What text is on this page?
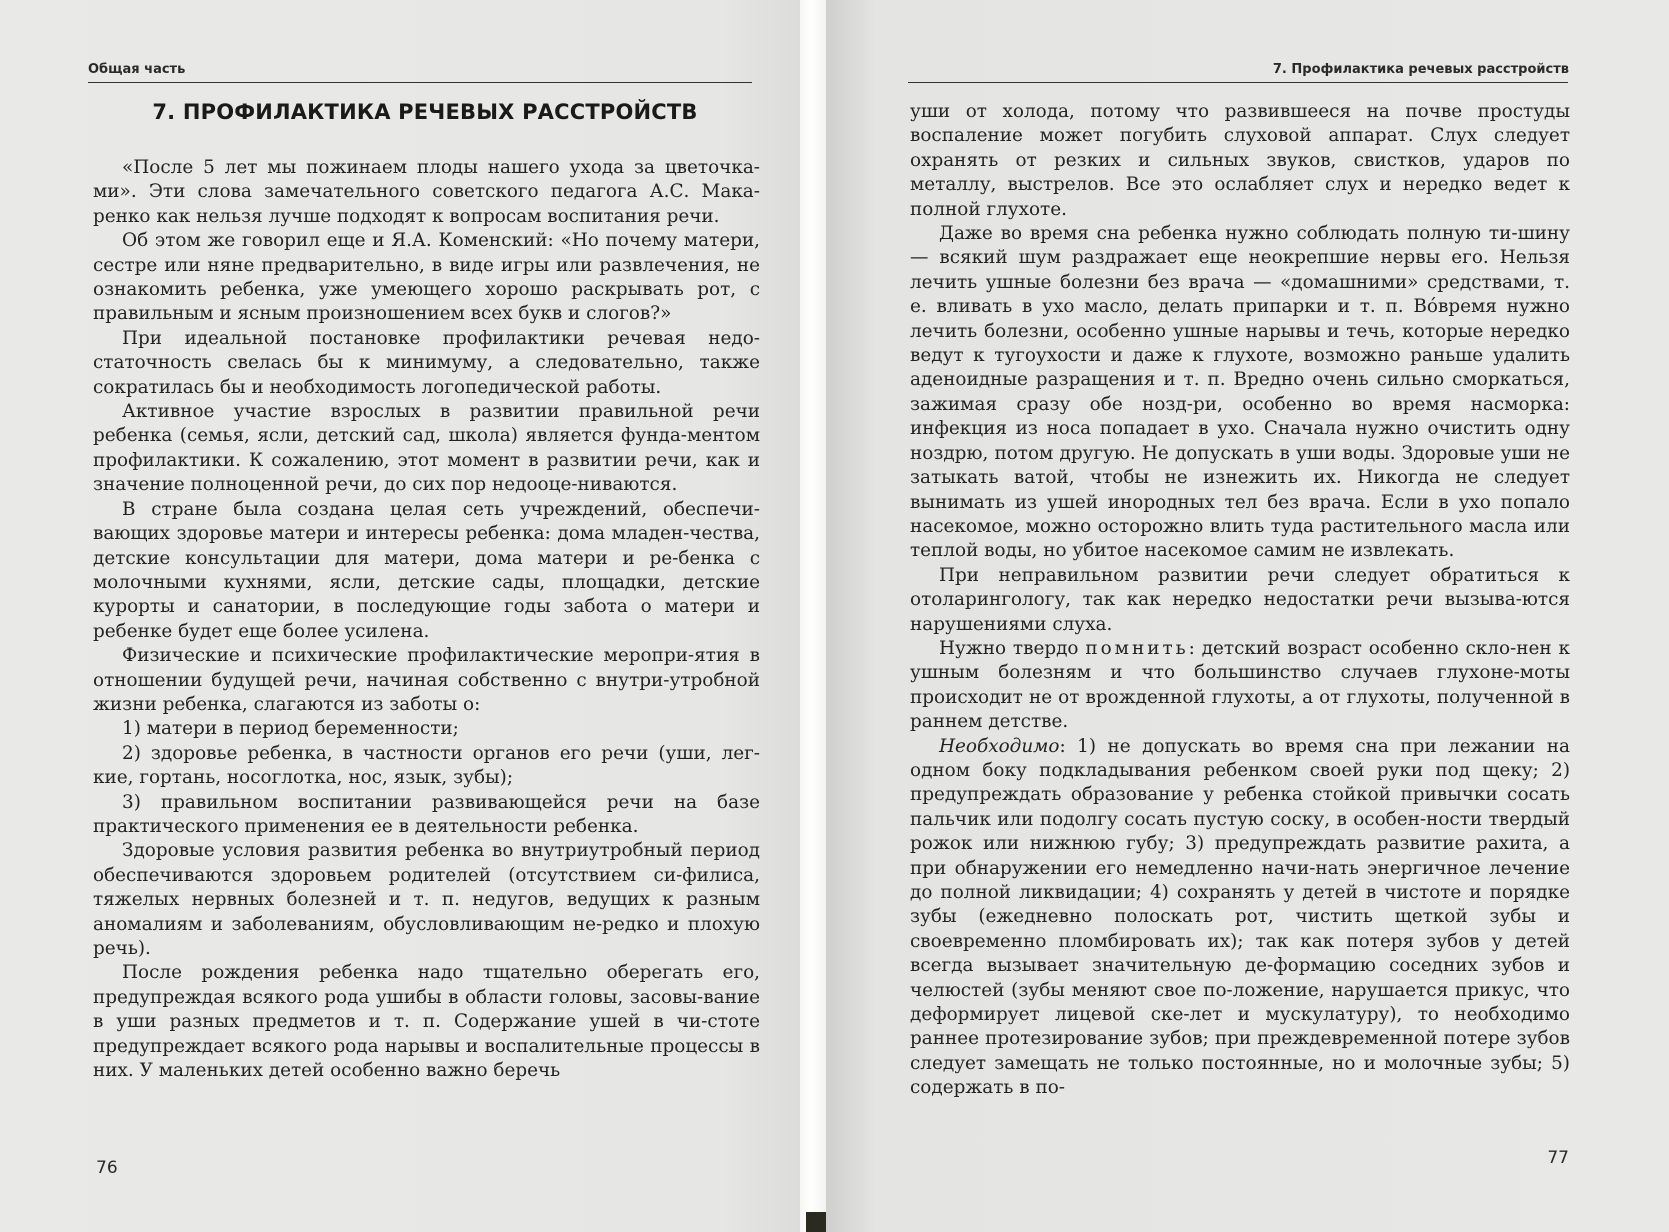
Общая часть
7. ПРОФИЛАКТИКА РЕЧЕВЫХ РАССТРОЙСТВ

«После 5 лет мы пожинаем плоды нашего ухода за цветочка-ми». Эти слова замечательного советского педагога А.С. Мака-ренко как нельзя лучше подходят к вопросам воспитания речи.

Об этом же говорил еще и Я.А. Коменский: «Но почему матери, сестре или няне предварительно, в виде игры или развлечения, не ознакомить ребенка, уже умеющего хорошо раскрывать рот, с правильным и ясным произношением всех букв и слогов?»

При идеальной постановке профилактики речевая недо-статочность свелась бы к минимуму, а следовательно, также сократилась бы и необходимость логопедической работы.

Активное участие взрослых в развитии правильной речи ребенка (семья, ясли, детский сад, школа) является фунда-ментом профилактики. К сожалению, этот момент в развитии речи, как и значение полноценной речи, до сих пор недооце-ниваются.

В стране была создана целая сеть учреждений, обеспечи-вающих здоровье матери и интересы ребенка: дома младен-чества, детские консультации для матери, дома матери и ре-бенка с молочными кухнями, ясли, детские сады, площадки, детские курорты и санатории, в последующие годы забота о матери и ребенке будет еще более усилена.

Физические и психические профилактические меропри-ятия в отношении будущей речи, начиная собственно с внутри-утробной жизни ребенка, слагаются из заботы о:

1) матери в период беременности;

2) здоровье ребенка, в частности органов его речи (уши, лег-кие, гортань, носоглотка, нос, язык, зубы);

3) правильном воспитании развивающейся речи на базе практического применения ее в деятельности ребенка.

Здоровые условия развития ребенка во внутриутробный период обеспечиваются здоровьем родителей (отсутствием си-филиса, тяжелых нервных болезней и т. п. недугов, ведущих к разным аномалиям и заболеваниям, обусловливающим не-редко и плохую речь).

После рождения ребенка надо тщательно оберегать его, предупреждая всякого рода ушибы в области головы, засовы-вание в уши разных предметов и т. п. Содержание ушей в чи-стоте предупреждает всякого рода нарывы и воспалительные процессы в них. У маленьких детей особенно важно беречь

76
7. Профилактика речевых расстройств

уши от холода, потому что развившееся на почве простуды воспаление может погубить слуховой аппарат. Слух следует охранять от резких и сильных звуков, свистков, ударов по металлу, выстрелов. Все это ослабляет слух и нередко ведет к полной глухоте.

Даже во время сна ребенка нужно соблюдать полную ти-шину — всякий шум раздражает еще неокрепшие нервы его. Нельзя лечить ушные болезни без врача — «домашними» средствами, т. е. вливать в ухо масло, делать припарки и т. п. Вóвремя нужно лечить болезни, особенно ушные нарывы и течь, которые нередко ведут к тугоухости и даже к глухоте, возможно раньше удалить аденоидные разращения и т. п. Вредно очень сильно сморкаться, зажимая сразу обе нозд-ри, особенно во время насморка: инфекция из носа попадает в ухо. Сначала нужно очистить одну ноздрю, потом другую. Не допускать в уши воды. Здоровые уши не затыкать ватой, чтобы не изнежить их. Никогда не следует вынимать из ушей инородных тел без врача. Если в ухо попало насекомое, можно осторожно влить туда растительного масла или теплой воды, но убитое насекомое самим не извлекать.

При неправильном развитии речи следует обратиться к отоларингологу, так как нередко недостатки речи вызыва-ются нарушениями слуха.

Нужно твердо помнить: детский возраст особенно скло-нен к ушным болезням и что большинство случаев глухоне-моты происходит не от врожденной глухоты, а от глухоты, полученной в раннем детстве.

Необходимо: 1) не допускать во время сна при лежании на одном боку подкладывания ребенком своей руки под щеку; 2) предупреждать образование у ребенка стойкой привычки сосать пальчик или подолгу сосать пустую соску, в особен-ности твердый рожок или нижнюю губу; 3) предупреждать развитие рахита, а при обнаружении его немедленно начи-нать энергичное лечение до полной ликвидации; 4) сохранять у детей в чистоте и порядке зубы (ежедневно полоскать рот, чистить щеткой зубы и своевременно пломбировать их); так как потеря зубов у детей всегда вызывает значительную де-формацию соседних зубов и челюстей (зубы меняют свое по-ложение, нарушается прикус, что деформирует лицевой ске-лет и мускулатуру), то необходимо раннее протезирование зубов; при преждевременной потере зубов следует замещать не только постоянные, но и молочные зубы; 5) содержать в по-

77
